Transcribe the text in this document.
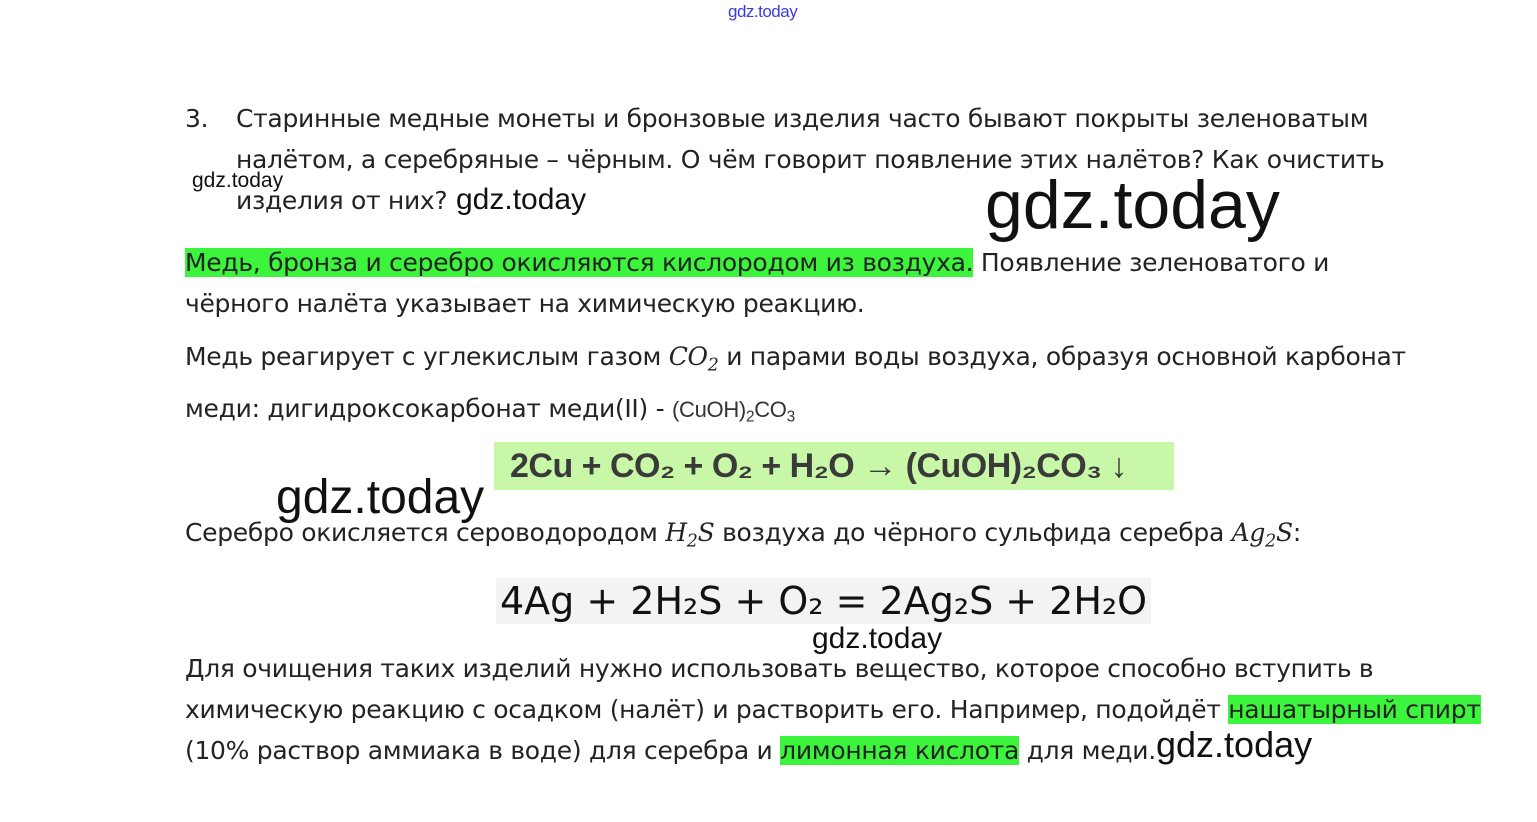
gdz.today
3. Старинные медные монеты и бронзовые изделия часто бывают покрыты зеленоватым
налётом, а серебряные – чёрным. О чём говорит появление этих налётов? Как очистить
изделия от них?
gdz.today
gdz.today	gdz.today
Медь, бронза и серебро окисляются кислородом из воздуха. Появление зеленоватого и
чёрного налёта указывает на химическую реакцию.
Медь реагирует с углекислым газом $CO_2$ и парами воды воздуха, образуя основной карбонат
меди: дигидроксокарбонат меди(II) - $(CuOH)_2CO_3$
2Cu + CO₂ + O₂ + H₂O → (CuOH)₂CO₃ ↓
gdz.today
Серебро окисляется сероводородом $H_2S$ воздуха до чёрного сульфида серебра $Ag_2S$:
4Ag + 2H₂S + O₂ = 2Ag₂S + 2H₂O
gdz.today
Для очищения таких изделий нужно использовать вещество, которое способно вступить в
химическую реакцию с осадком (налёт) и растворить его. Например, подойдёт нашатырный спирт
(10% раствор аммиака в воде) для серебра и лимонная кислота для меди. gdz.today
